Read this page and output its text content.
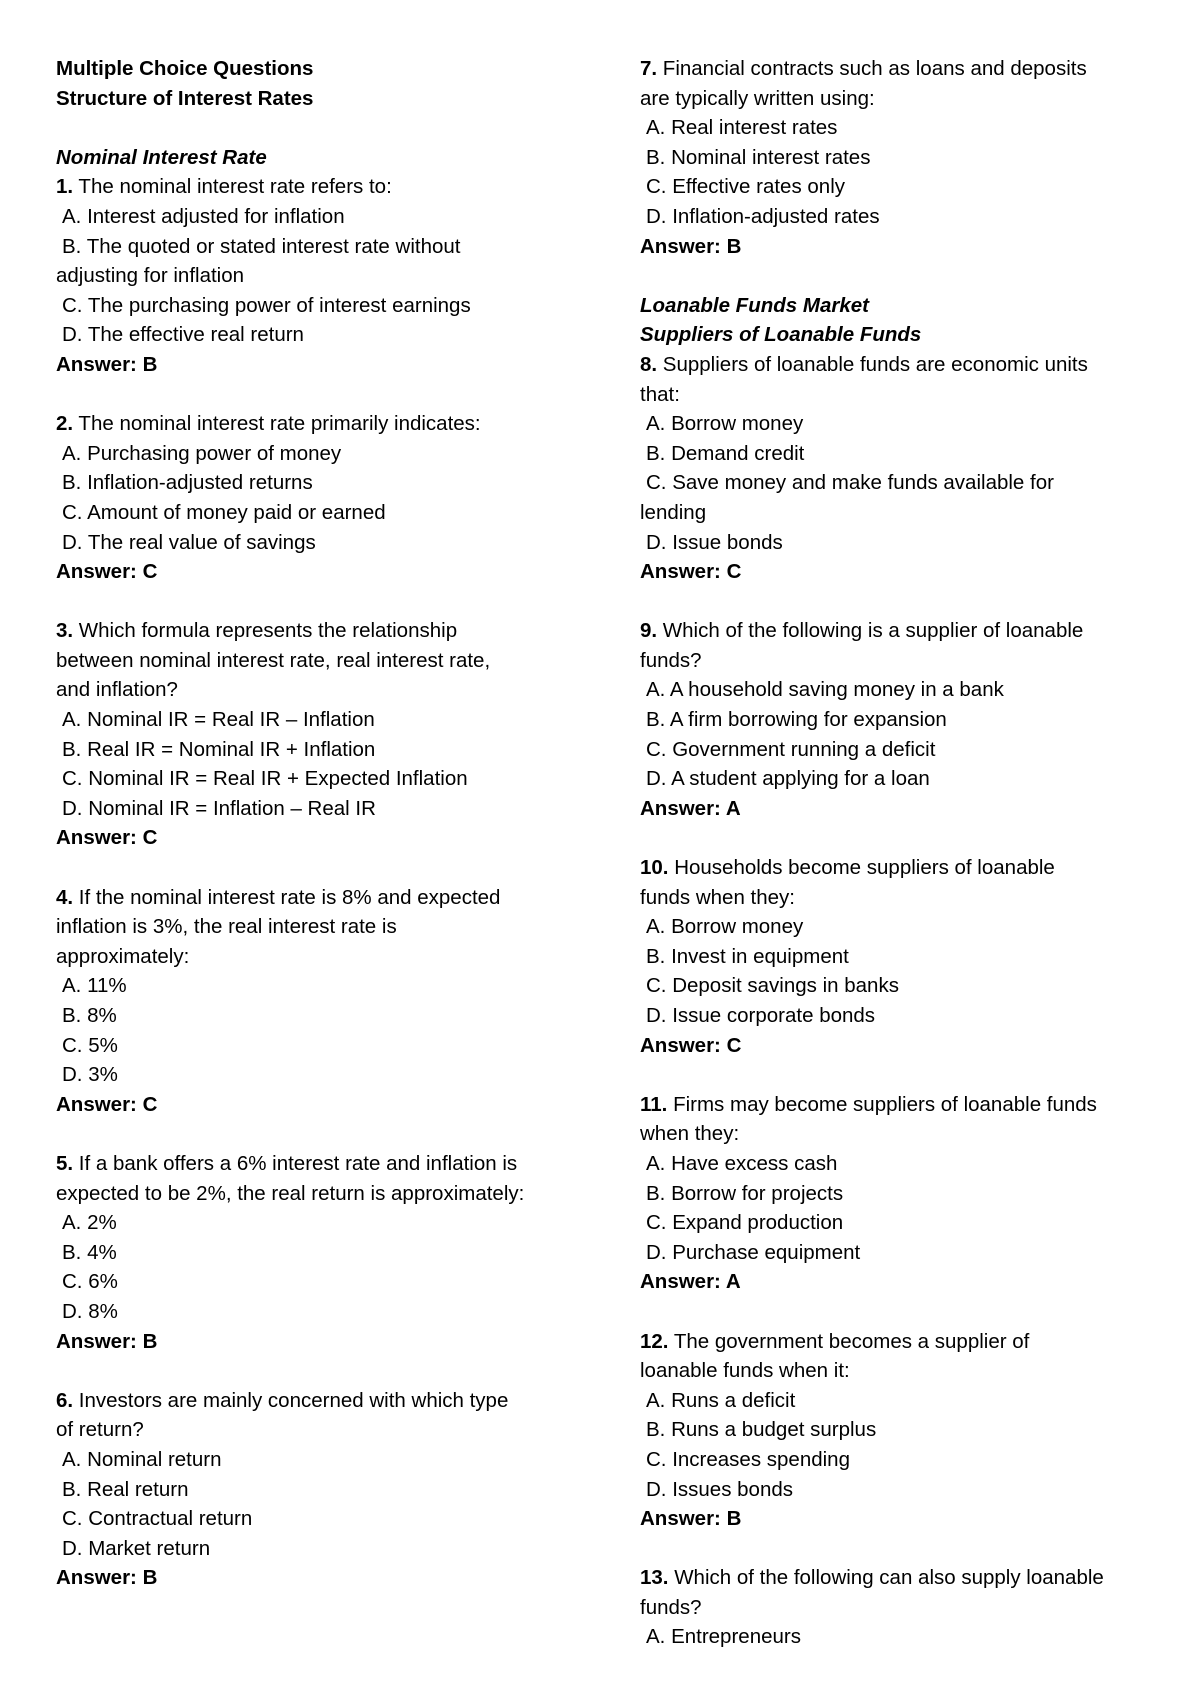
Multiple Choice Questions
Structure of Interest Rates
Nominal Interest Rate
1. The nominal interest rate refers to:
A. Interest adjusted for inflation
B. The quoted or stated interest rate without
adjusting for inflation
C. The purchasing power of interest earnings
D. The effective real return
Answer: B
2. The nominal interest rate primarily indicates:
A. Purchasing power of money
B. Inflation-adjusted returns
C. Amount of money paid or earned
D. The real value of savings
Answer: C
3. Which formula represents the relationship
between nominal interest rate, real interest rate,
and inflation?
A. Nominal IR = Real IR – Inflation
B. Real IR = Nominal IR + Inflation
C. Nominal IR = Real IR + Expected Inflation
D. Nominal IR = Inflation – Real IR
Answer: C
4. If the nominal interest rate is 8% and expected
inflation is 3%, the real interest rate is
approximately:
A. 11%
B. 8%
C. 5%
D. 3%
Answer: C
5. If a bank offers a 6% interest rate and inflation is
expected to be 2%, the real return is approximately:
A. 2%
B. 4%
C. 6%
D. 8%
Answer: B
6. Investors are mainly concerned with which type
of return?
A. Nominal return
B. Real return
C. Contractual return
D. Market return
Answer: B
7. Financial contracts such as loans and deposits
are typically written using:
A. Real interest rates
B. Nominal interest rates
C. Effective rates only
D. Inflation-adjusted rates
Answer: B
Loanable Funds Market
Suppliers of Loanable Funds
8. Suppliers of loanable funds are economic units
that:
A. Borrow money
B. Demand credit
C. Save money and make funds available for
lending
D. Issue bonds
Answer: C
9. Which of the following is a supplier of loanable
funds?
A. A household saving money in a bank
B. A firm borrowing for expansion
C. Government running a deficit
D. A student applying for a loan
Answer: A
10. Households become suppliers of loanable
funds when they:
A. Borrow money
B. Invest in equipment
C. Deposit savings in banks
D. Issue corporate bonds
Answer: C
11. Firms may become suppliers of loanable funds
when they:
A. Have excess cash
B. Borrow for projects
C. Expand production
D. Purchase equipment
Answer: A
12. The government becomes a supplier of
loanable funds when it:
A. Runs a deficit
B. Runs a budget surplus
C. Increases spending
D. Issues bonds
Answer: B
13. Which of the following can also supply loanable
funds?
A. Entrepreneurs
